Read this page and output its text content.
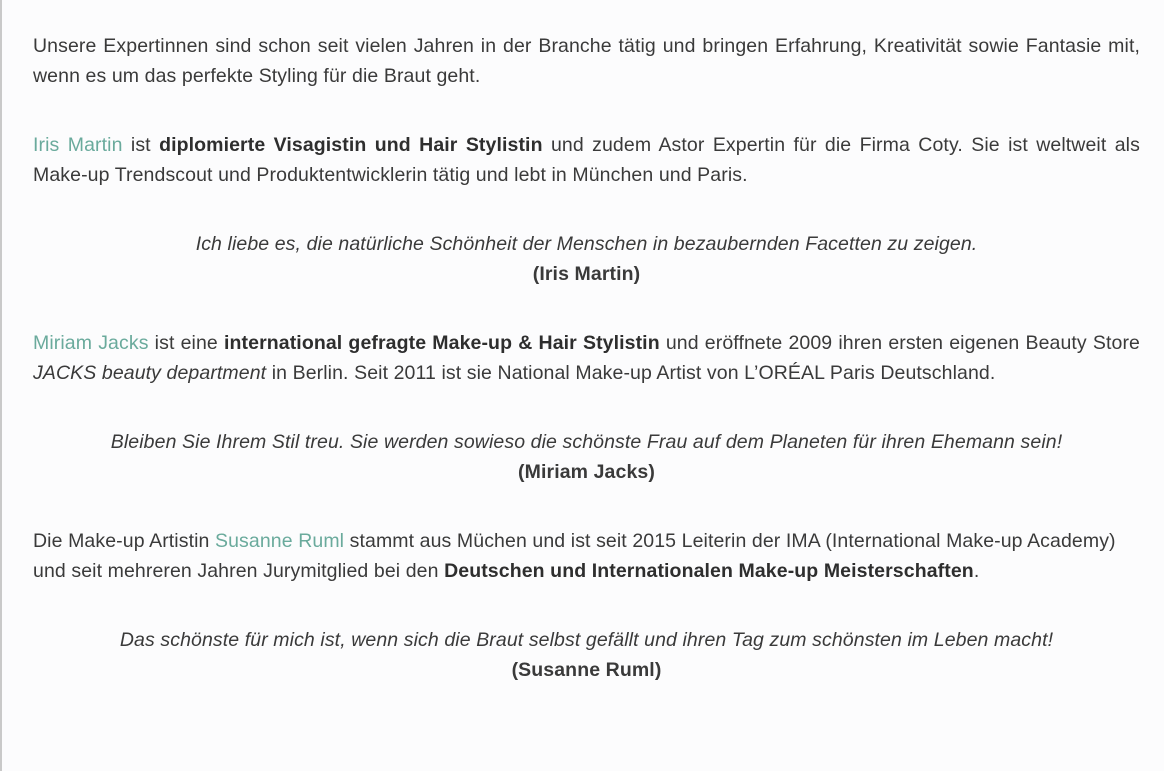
Unsere Expertinnen sind schon seit vielen Jahren in der Branche tätig und bringen Erfahrung, Kreativität sowie Fantasie mit, wenn es um das perfekte Styling für die Braut geht.

Iris Martin ist diplomierte Visagistin und Hair Stylistin und zudem Astor Expertin für die Firma Coty. Sie ist weltweit als Make-up Trendscout und Produktentwicklerin tätig und lebt in München und Paris.

Ich liebe es, die natürliche Schönheit der Menschen in bezaubernden Facetten zu zeigen.

(Iris Martin)

Miriam Jacks ist eine international gefragte Make-up & Hair Stylistin und eröffnete 2009 ihren ersten eigenen Beauty Store JACKS beauty department in Berlin. Seit 2011 ist sie National Make-up Artist von L’ORÉAL Paris Deutschland.

Bleiben Sie Ihrem Stil treu. Sie werden sowieso die schönste Frau auf dem Planeten für ihren Ehemann sein!

(Miriam Jacks)

Die Make-up Artistin Susanne Ruml stammt aus Müchen und ist seit 2015 Leiterin der IMA (International Make-up Academy) und seit mehreren Jahren Jurymitglied bei den Deutschen und Internationalen Make-up Meisterschaften.

Das schönste für mich ist, wenn sich die Braut selbst gefällt und ihren Tag zum schönsten im Leben macht!

(Susanne Ruml)
